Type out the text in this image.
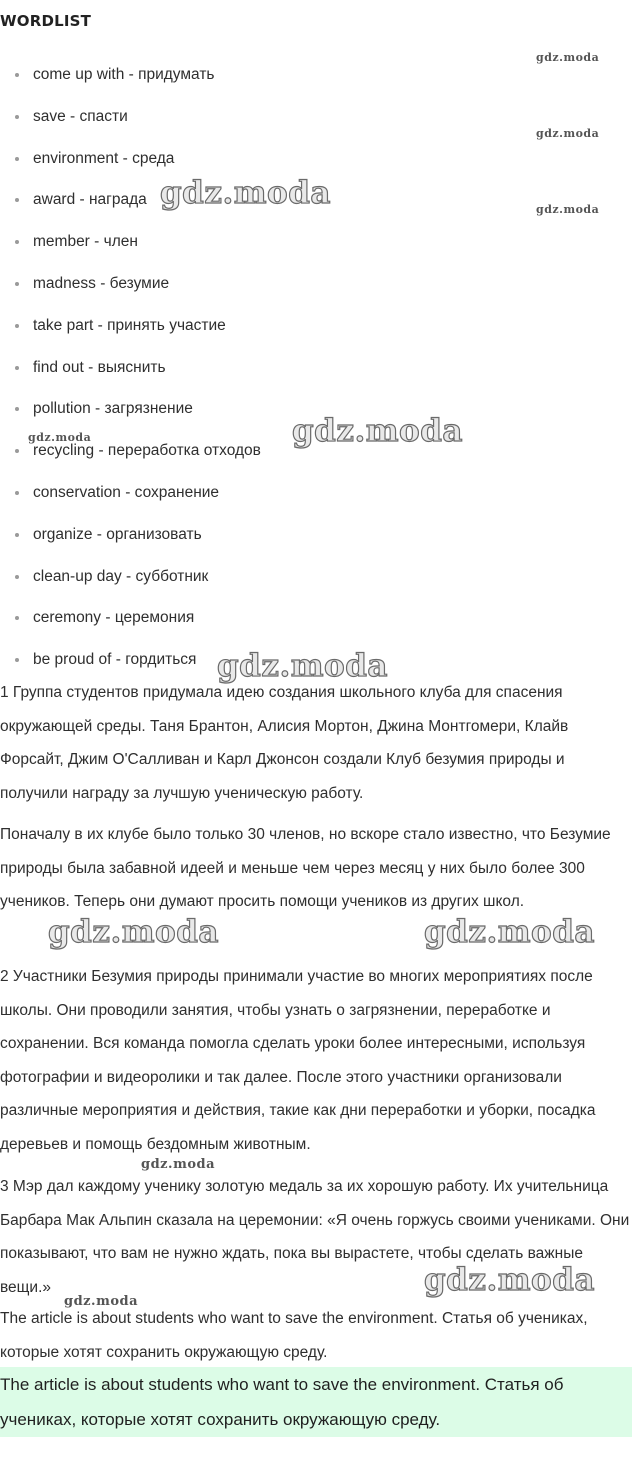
WORDLIST
come up with - придумать
save - спасти
environment - среда
award - награда
member - член
madness - безумие
take part - принять участие
find out - выяснить
pollution - загрязнение
recycling - переработка отходов
conservation - сохранение
organize - организовать
clean-up day - субботник
ceremony - церемония
be proud of - гордиться

1 Группа студентов придумала идею создания школьного клуба для спасения окружающей среды. Таня Брантон, Алисия Мортон, Джина Монтгомери, Клайв Форсайт, Джим О'Салливан и Карл Джонсон создали Клуб безумия природы и получили награду за лучшую ученическую работу.

Поначалу в их клубе было только 30 членов, но вскоре стало известно, что Безумие природы была забавной идеей и меньше чем через месяц у них было более 300 учеников. Теперь они думают просить помощи учеников из других школ.

2 Участники Безумия природы принимали участие во многих мероприятиях после школы. Они проводили занятия, чтобы узнать о загрязнении, переработке и сохранении. Вся команда помогла сделать уроки более интересными, используя фотографии и видеоролики и так далее. После этого участники организовали различные мероприятия и действия, такие как дни переработки и уборки, посадка деревьев и помощь бездомным животным.

3 Мэр дал каждому ученику золотую медаль за их хорошую работу. Их учительница Барбара Мак Альпин сказала на церемонии: «Я очень горжусь своими учениками. Они показывают, что вам не нужно ждать, пока вы вырастете, чтобы сделать важные вещи.»

The article is about students who want to save the environment. Статья об учениках, которые хотят сохранить окружающую среду.

The article is about students who want to save the environment. Статья об учениках, которые хотят сохранить окружающую среду.
gdz.moda
gdz.moda
gdz.moda
gdz.moda
gdz.moda	gdz.moda
gdz.moda
gdz.moda	gdz.moda
gdz.moda
gdz.moda
gdz.moda
